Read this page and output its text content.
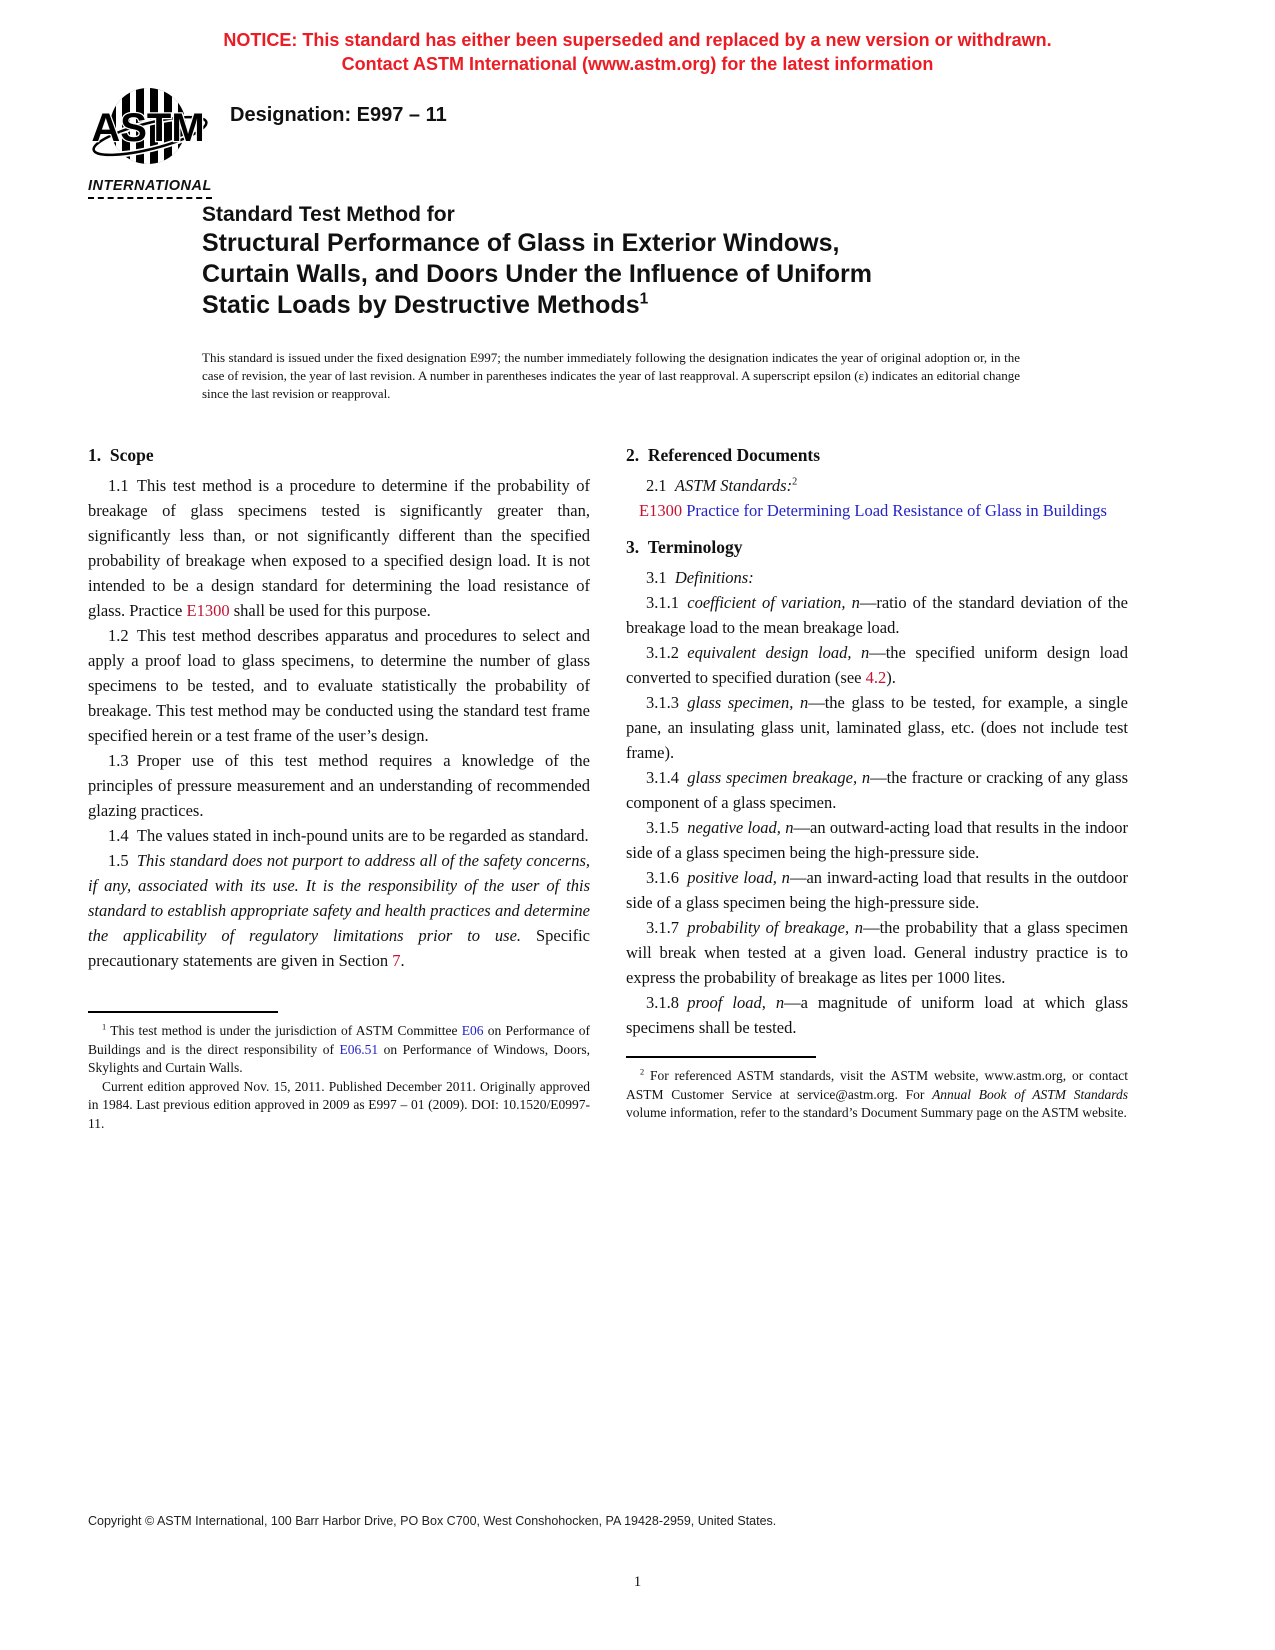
NOTICE: This standard has either been superseded and replaced by a new version or withdrawn.
Contact ASTM International (www.astm.org) for the latest information
ASTM
INTERNATIONAL
Designation: E997 – 11
Standard Test Method for
Structural Performance of Glass in Exterior Windows,
Curtain Walls, and Doors Under the Influence of Uniform
Static Loads by Destructive Methods$^1$
This standard is issued under the fixed designation E997; the number immediately following the designation indicates the year of original adoption or, in the case of revision, the year of last revision. A number in parentheses indicates the year of last reapproval. A superscript epsilon (ε) indicates an editorial change since the last revision or reapproval.
1. Scope

1.1 This test method is a procedure to determine if the probability of breakage of glass specimens tested is significantly greater than, significantly less than, or not significantly different than the specified probability of breakage when exposed to a specified design load. It is not intended to be a design standard for determining the load resistance of glass. Practice E1300 shall be used for this purpose.

1.2 This test method describes apparatus and procedures to select and apply a proof load to glass specimens, to determine the number of glass specimens to be tested, and to evaluate statistically the probability of breakage. This test method may be conducted using the standard test frame specified herein or a test frame of the user’s design.

1.3 Proper use of this test method requires a knowledge of the principles of pressure measurement and an understanding of recommended glazing practices.

1.4 The values stated in inch-pound units are to be regarded as standard.

1.5 This standard does not purport to address all of the safety concerns, if any, associated with its use. It is the responsibility of the user of this standard to establish appropriate safety and health practices and determine the applicability of regulatory limitations prior to use. Specific precautionary statements are given in Section 7.

$^1$ This test method is under the jurisdiction of ASTM Committee E06 on Performance of Buildings and is the direct responsibility of E06.51 on Performance of Windows, Doors, Skylights and Curtain Walls.

Current edition approved Nov. 15, 2011. Published December 2011. Originally approved in 1984. Last previous edition approved in 2009 as E997 – 01 (2009). DOI: 10.1520/E0997-11.

2. Referenced Documents

2.1 ASTM Standards:$^2$

E1300 Practice for Determining Load Resistance of Glass in Buildings

3. Terminology

3.1 Definitions:

3.1.1 coefficient of variation, n—ratio of the standard deviation of the breakage load to the mean breakage load.

3.1.2 equivalent design load, n—the specified uniform design load converted to specified duration (see 4.2).

3.1.3 glass specimen, n—the glass to be tested, for example, a single pane, an insulating glass unit, laminated glass, etc. (does not include test frame).

3.1.4 glass specimen breakage, n—the fracture or cracking of any glass component of a glass specimen.

3.1.5 negative load, n—an outward-acting load that results in the indoor side of a glass specimen being the high-pressure side.

3.1.6 positive load, n—an inward-acting load that results in the outdoor side of a glass specimen being the high-pressure side.

3.1.7 probability of breakage, n—the probability that a glass specimen will break when tested at a given load. General industry practice is to express the probability of breakage as lites per 1000 lites.

3.1.8 proof load, n—a magnitude of uniform load at which glass specimens shall be tested.

$^2$ For referenced ASTM standards, visit the ASTM website, www.astm.org, or contact ASTM Customer Service at service@astm.org. For Annual Book of ASTM Standards volume information, refer to the standard’s Document Summary page on the ASTM website.

Copyright © ASTM International, 100 Barr Harbor Drive, PO Box C700, West Conshohocken, PA 19428-2959, United States.
1
